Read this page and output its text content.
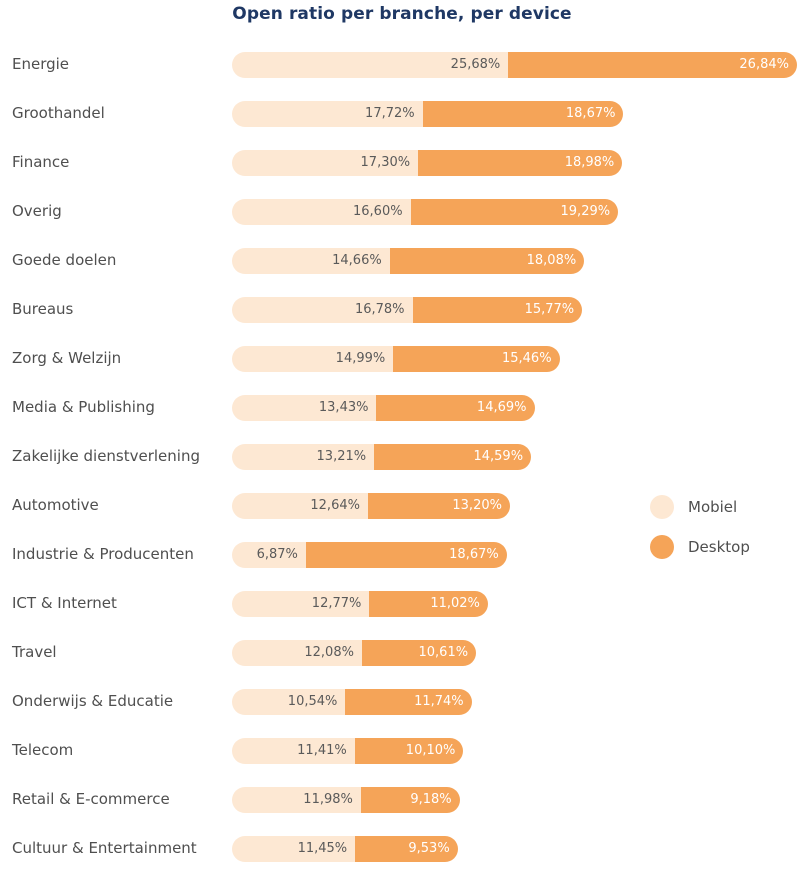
Open ratio per branche, per device
Energie	25,68%	26,84%
Groothandel	17,72%	18,67%
Finance	17,30%	18,98%
Overig	16,60%	19,29%
Goede doelen	14,66%	18,08%
Bureaus	16,78%	15,77%
Zorg & Welzijn	14,99%	15,46%
Media & Publishing	13,43%	14,69%
Zakelijke dienstverlening	13,21%	14,59%
Automotive	12,64%	13,20%
Industrie & Producenten	6,87%	18,67%
ICT & Internet	12,77%	11,02%
Travel	12,08%	10,61%
Onderwijs & Educatie	10,54%	11,74%
Telecom	11,41%	10,10%
Retail & E-commerce	11,98%	9,18%
Cultuur & Entertainment	11,45%	9,53%
Mobiel
Desktop
